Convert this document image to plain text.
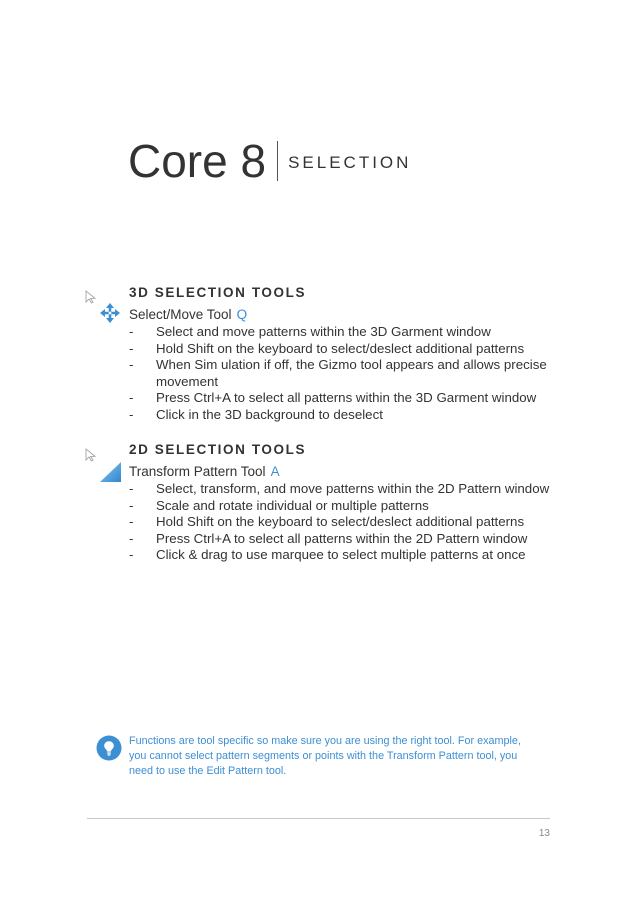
Core 8 SELECTION
3D SELECTION TOOLS
Select/Move Tool Q
- Select and move patterns within the 3D Garment window
- Hold Shift on the keyboard to select/deslect additional patterns
- When Sim ulation if off, the Gizmo tool appears and allows precise movement
- Press Ctrl+A to select all patterns within the 3D Garment window
- Click in the 3D background to deselect
2D SELECTION TOOLS
Transform Pattern Tool A
- Select, transform, and move patterns within the 2D Pattern window
- Scale and rotate individual or multiple patterns
- Hold Shift on the keyboard to select/deslect additional patterns
- Press Ctrl+A to select all patterns within the 2D Pattern window
- Click & drag to use marquee to select multiple patterns at once
Functions are tool specific so make sure you are using the right tool. For example, you cannot select pattern segments or points with the Transform Pattern tool, you need to use the Edit Pattern tool.
13
